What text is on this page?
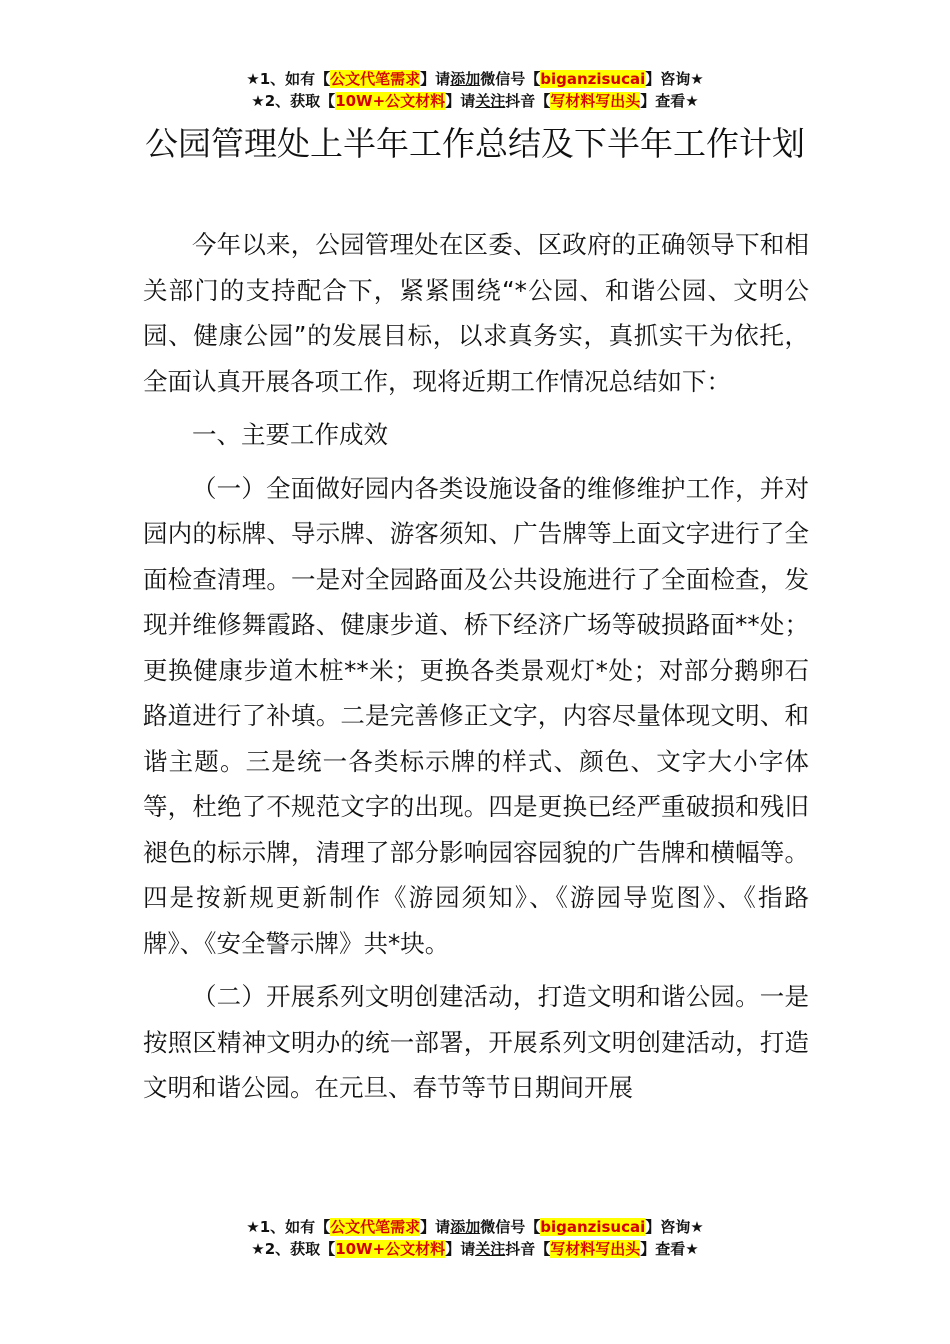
★1、如有【公文代笔需求】请添加微信号【biganzisucai】咨询★
★2、获取【10W+公文材料】请关注抖音【写材料写出头】查看★
公园管理处上半年工作总结及下半年工作计划

今年以来，公园管理处在区委、区政府的正确领导下和相关部门的支持配合下，紧紧围绕“*公园、和谐公园、文明公园、健康公园”的发展目标，以求真务实，真抓实干为依托，全面认真开展各项工作，现将近期工作情况总结如下：

一、主要工作成效

（一）全面做好园内各类设施设备的维修维护工作，并对园内的标牌、导示牌、游客须知、广告牌等上面文字进行了全面检查清理。一是对全园路面及公共设施进行了全面检查，发现并维修舞霞路、健康步道、桥下经济广场等破损路面**处；更换健康步道木桩**米；更换各类景观灯*处；对部分鹅卵石路道进行了补填。二是完善修正文字，内容尽量体现文明、和谐主题。三是统一各类标示牌的样式、颜色、文字大小字体等，杜绝了不规范文字的出现。四是更换已经严重破损和残旧褪色的标示牌，清理了部分影响园容园貌的广告牌和横幅等。四是按新规更新制作《游园须知》、《游园导览图》、《指路牌》、《安全警示牌》共*块。

（二）开展系列文明创建活动，打造文明和谐公园。一是按照区精神文明办的统一部署，开展系列文明创建活动，打造文明和谐公园。在元旦、春节等节日期间开展

★1、如有【公文代笔需求】请添加微信号【biganzisucai】咨询★
★2、获取【10W+公文材料】请关注抖音【写材料写出头】查看★
